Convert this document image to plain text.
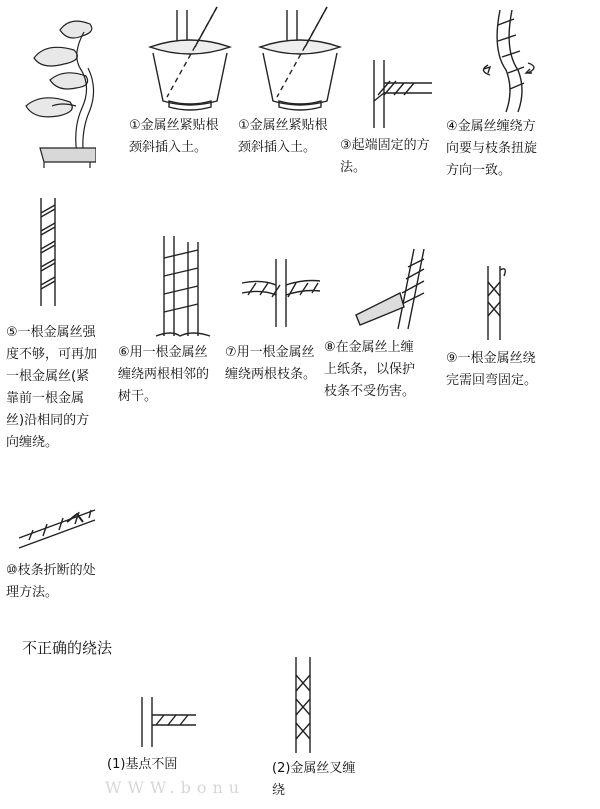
①金属丝紧贴根颈斜插入土。
①金属丝紧贴根颈斜插入土。	③起端固定的方法。
④金属丝缠绕方向要与枝条扭旋方向一致。
⑤一根金属丝强度不够，可再加一根金属丝(紧靠前一根金属丝)沿相同的方向缠绕。
⑥用一根金属丝缠绕两根相邻的树干。
⑦用一根金属丝缠绕两根枝条。
⑧在金属丝上缠上纸条，以保护枝条不受伤害。
⑨一根金属丝绕完需回弯固定。
⑩枝条折断的处理方法。
不正确的绕法
(1)基点不固	(2)金属丝叉缠绕
WWW.bonu
